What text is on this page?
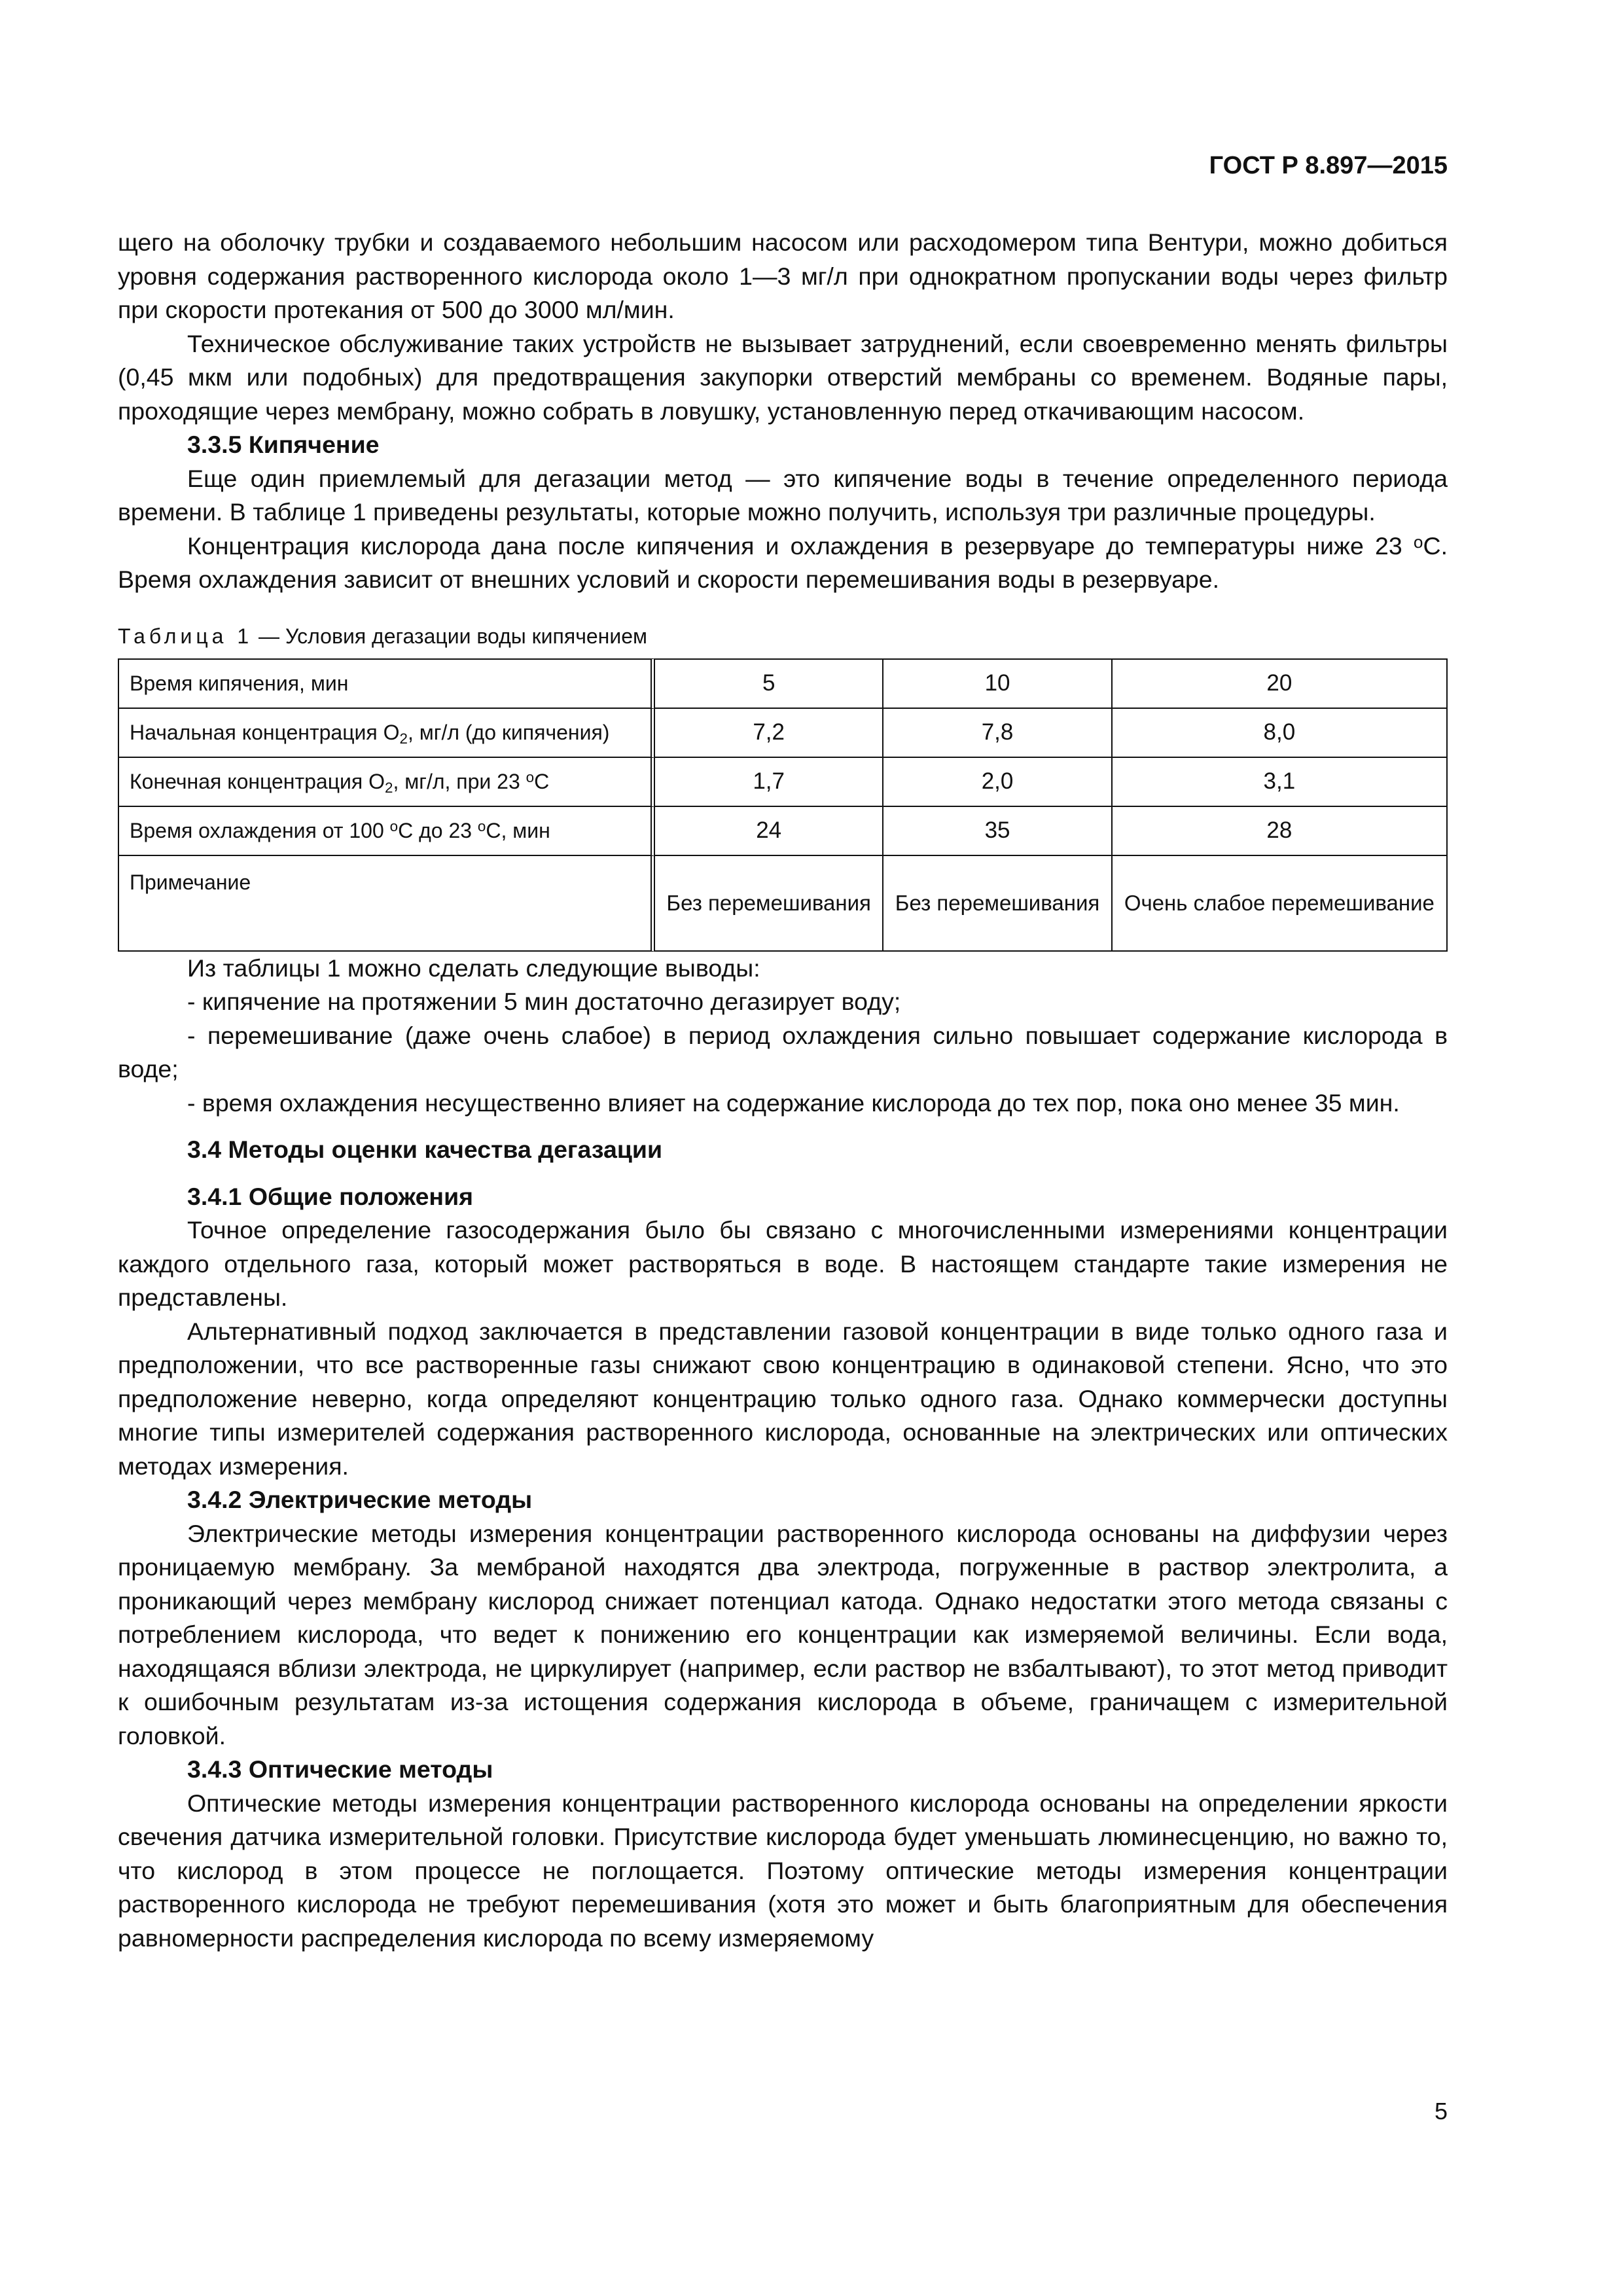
ГОСТ Р 8.897—2015

щего на оболочку трубки и создаваемого небольшим насосом или расходомером типа Вентури, можно добиться уровня содержания растворенного кислорода около 1—3 мг/л при однократном пропускании воды через фильтр при скорости протекания от 500 до 3000 мл/мин.

Техническое обслуживание таких устройств не вызывает затруднений, если своевременно менять фильтры (0,45 мкм или подобных) для предотвращения закупорки отверстий мембраны со временем. Водяные пары, проходящие через мембрану, можно собрать в ловушку, установленную перед откачивающим насосом.

3.3.5 Кипячение

Еще один приемлемый для дегазации метод — это кипячение воды в течение определенного периода времени. В таблице 1 приведены результаты, которые можно получить, используя три различные процедуры.

Концентрация кислорода дана после кипячения и охлаждения в резервуаре до температуры ниже 23 $^о$С. Время охлаждения зависит от внешних условий и скорости перемешивания воды в резервуаре.

Таблица 1 — Условия дегазации воды кипячением
Время кипячения, мин	5	10	20
Начальная концентрация $О_2$, мг/л (до кипячения)	7,2	7,8	8,0
Конечная концентрация $О_2$, мг/л, при 23 $^о$С	1,7	2,0	3,1
Время охлаждения от 100 $^о$С до 23 $^о$С, мин	24	35	28
Примечание	Без перемешивания	Без перемешивания	Очень слабое перемешивание

Из таблицы 1 можно сделать следующие выводы:

- кипячение на протяжении 5 мин достаточно дегазирует воду;

- перемешивание (даже очень слабое) в период охлаждения сильно повышает содержание кислорода в воде;

- время охлаждения несущественно влияет на содержание кислорода до тех пор, пока оно менее 35 мин.

3.4 Методы оценки качества дегазации

3.4.1 Общие положения

Точное определение газосодержания было бы связано с многочисленными измерениями концентрации каждого отдельного газа, который может растворяться в воде. В настоящем стандарте такие измерения не представлены.

Альтернативный подход заключается в представлении газовой концентрации в виде только одного газа и предположении, что все растворенные газы снижают свою концентрацию в одинаковой степени. Ясно, что это предположение неверно, когда определяют концентрацию только одного газа. Однако коммерчески доступны многие типы измерителей содержания растворенного кислорода, основанные на электрических или оптических методах измерения.

3.4.2 Электрические методы

Электрические методы измерения концентрации растворенного кислорода основаны на диффузии через проницаемую мембрану. За мембраной находятся два электрода, погруженные в раствор электролита, а проникающий через мембрану кислород снижает потенциал катода. Однако недостатки этого метода связаны с потреблением кислорода, что ведет к понижению его концентрации как измеряемой величины. Если вода, находящаяся вблизи электрода, не циркулирует (например, если раствор не взбалтывают), то этот метод приводит к ошибочным результатам из-за истощения содержания кислорода в объеме, граничащем с измерительной головкой.

3.4.3 Оптические методы

Оптические методы измерения концентрации растворенного кислорода основаны на определении яркости свечения датчика измерительной головки. Присутствие кислорода будет уменьшать люминесценцию, но важно то, что кислород в этом процессе не поглощается. Поэтому оптические методы измерения концентрации растворенного кислорода не требуют перемешивания (хотя это может и быть благоприятным для обеспечения равномерности распределения кислорода по всему измеряемому

5
